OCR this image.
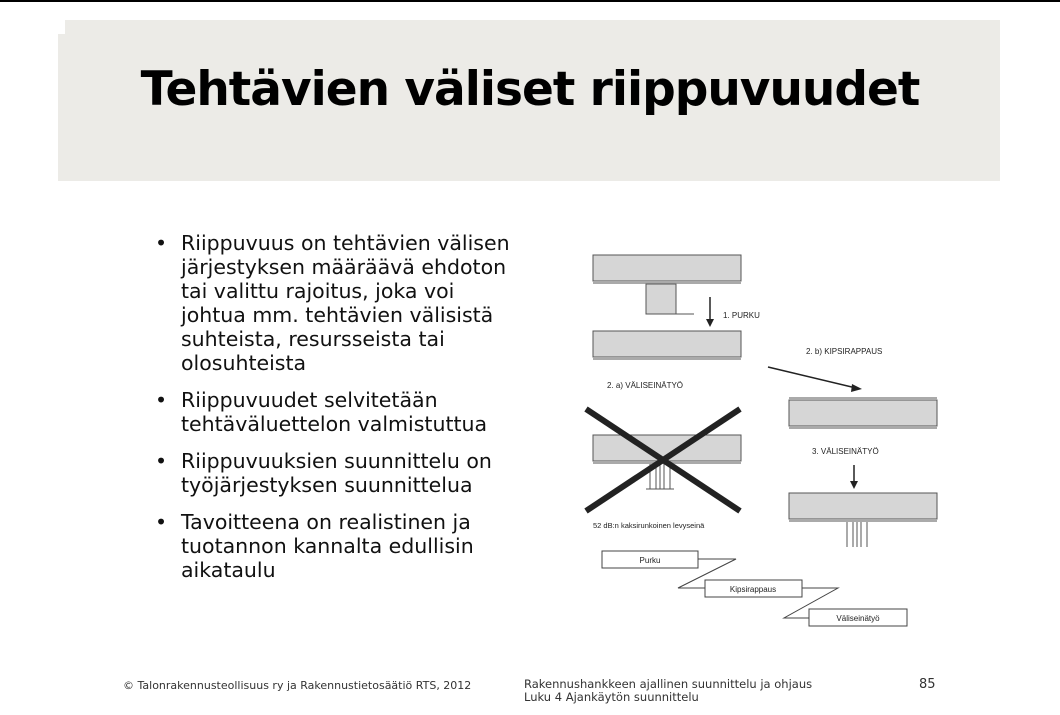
Tehtävien väliset riippuvuudet
• Riippuvuus on tehtävien välisen järjestyksen määräävä ehdoton tai valittu rajoitus, joka voi johtua mm. tehtävien välisistä suhteista, resursseista tai olosuhteista
• Riippuvuudet selvitetään tehtäväluettelon valmistuttua
• Riippuvuuksien suunnittelu on työjärjestyksen suunnittelua
• Tavoitteena on realistinen ja tuotannon kannalta edullisin aikataulu
1. PURKU
2. b) KIPSIRAPPAUS
2. a) VÄLISEINÄTYÖ
52 dB:n kaksirunkoinen levyseinä
3. VÄLISEINÄTYÖ
Purku
Kipsirappaus
Väliseinätyö
© Talonrakennusteollisuus ry ja Rakennustietosäätiö RTS, 2012	Rakennushankkeen ajallinen suunnittelu ja ohjaus
Luku 4 Ajankäytön suunnittelu
85
